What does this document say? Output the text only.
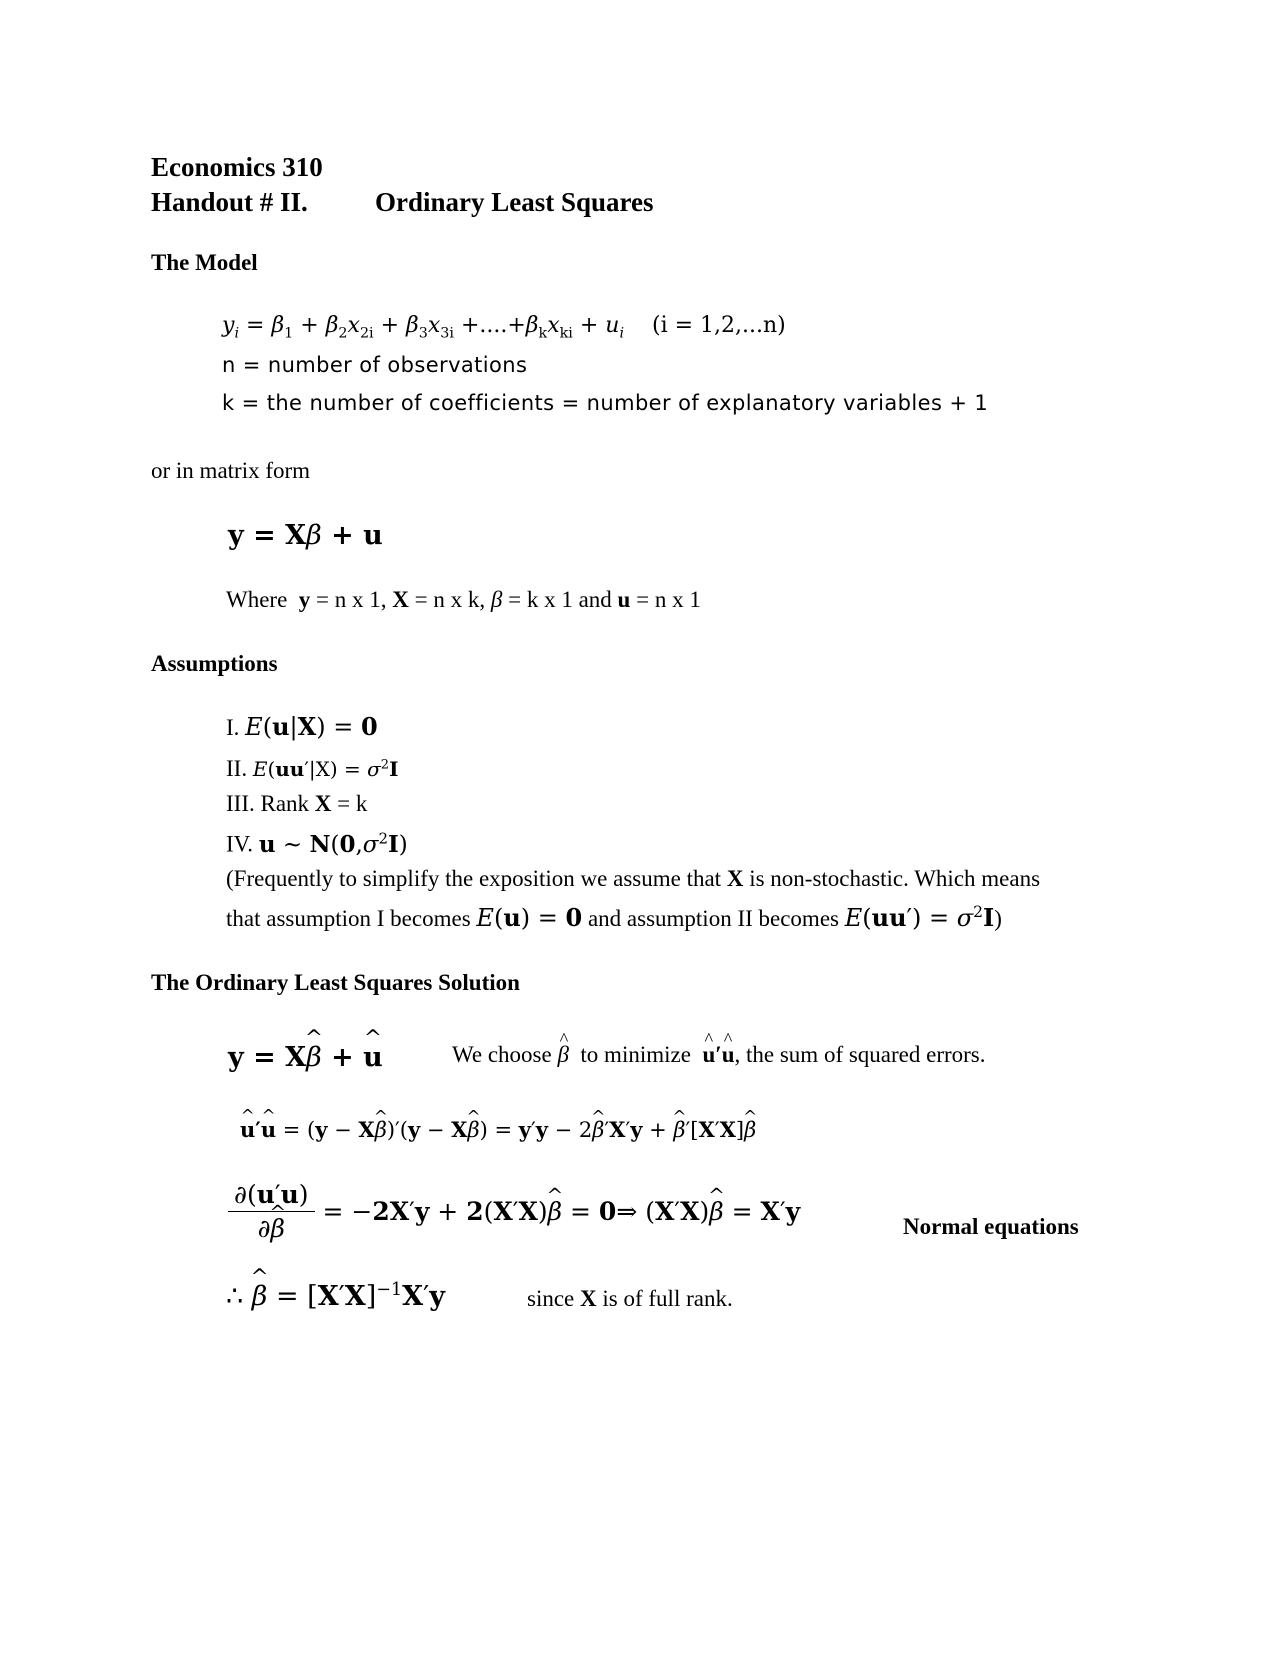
Economics 310
Handout # II. Ordinary Least Squares
The Model
$y_i = \beta_1 + \beta_2x_{2i} + \beta_3x_{3i} +....+\beta_kx_{ki} + u_i$ (i = 1,2,...n)
n = number of observations
k = the number of coefficients = number of explanatory variables + 1
or in matrix form
y = Xβ + u
Where y = n x 1, X = n x k, β = k x 1 and u = n x 1
Assumptions
I. E(u|X) = 0
II. $E(uu'|X) = \sigma^2I$
III. Rank X = k
IV. u ~ $N(0,\sigma^2I)$
(Frequently to simplify the exposition we assume that X is non-stochastic. Which means
that assumption I becomes E(u) = 0 and assumption II becomes $E(uu') = \sigma^2I$)
The Ordinary Least Squares Solution
y = X^ β + ^ u	We choose ^ β to minimize ^ u′^ u, the sum of squared errors.
^ u′^ u = (y − X^ β)′(y − X^ β) = y′y − 2^ β′X′y + ^ β′[X′X]^ β
$\frac{\partial(u'u)}{\partial\^{} \beta} = -2X'y$ + 2(X′X)^ β = 0⇒ (X′X)^ β = X′y
Normal equations
∴ ^ $\beta = [X'X]^{-1}X'y$	since X is of full rank.
